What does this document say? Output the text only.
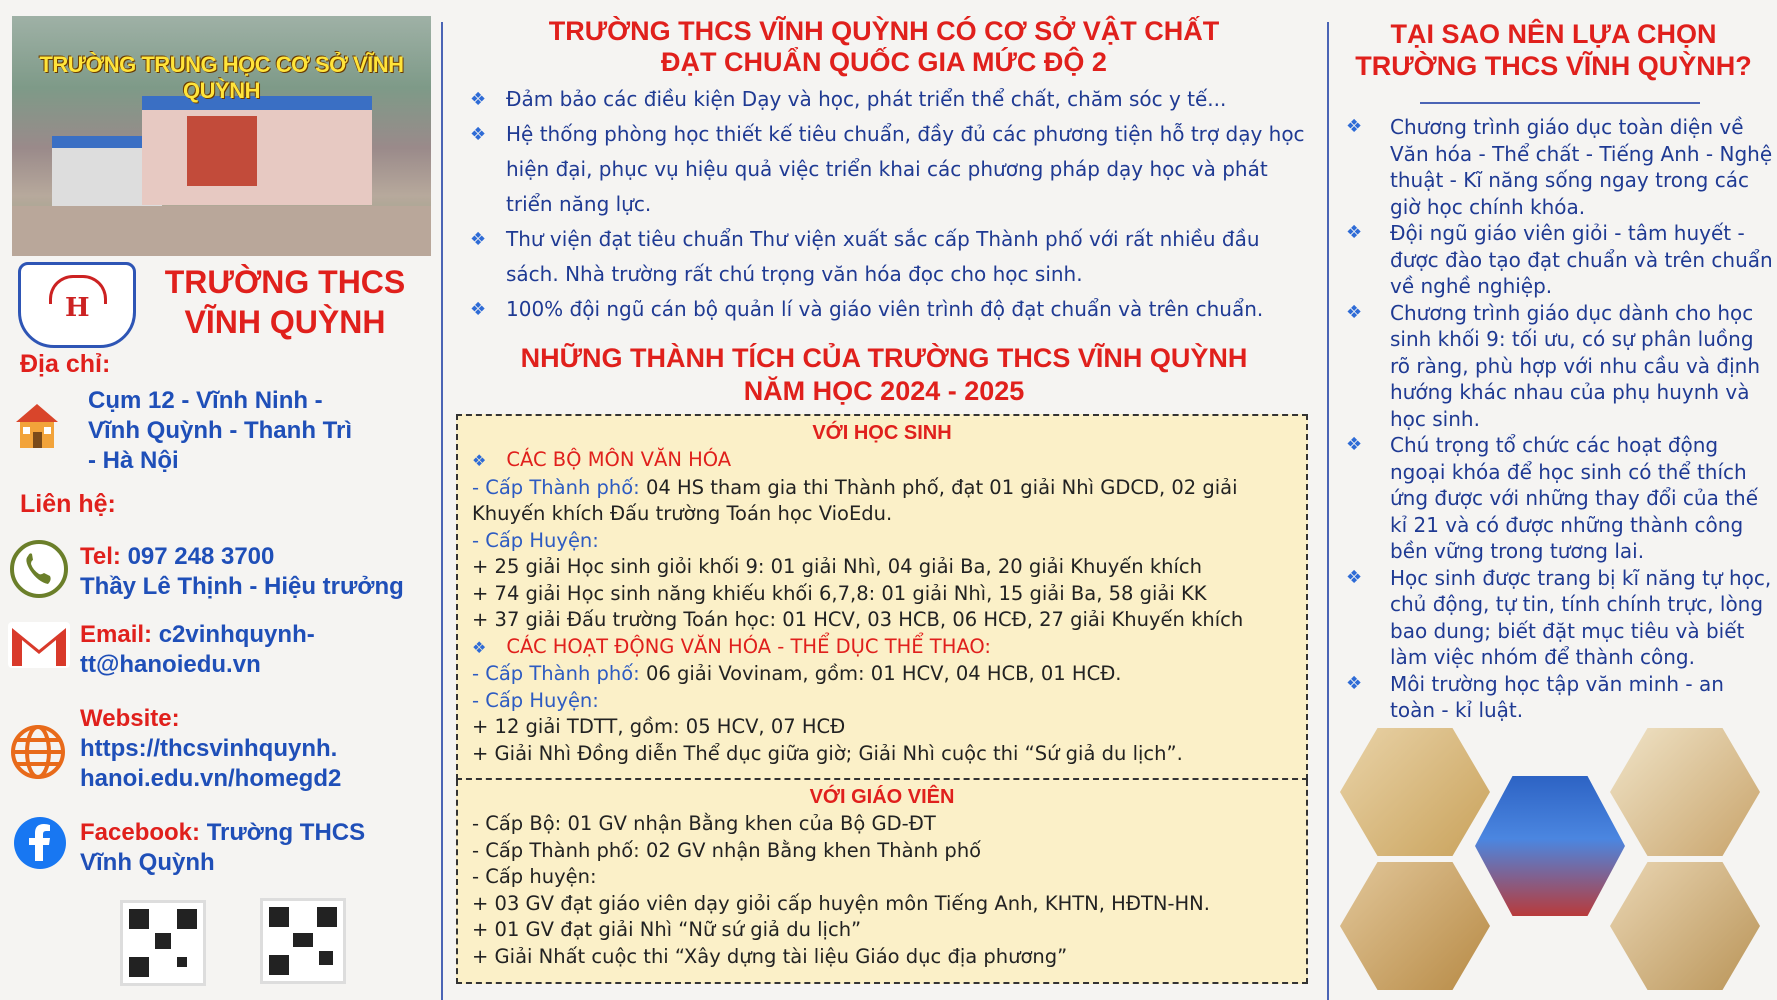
TRƯỜNG TRUNG HỌC CƠ SỞ VĨNH QUỲNH
H
TRƯỜNG THCS
VĨNH QUỲNH
Địa chỉ:
Cụm 12 - Vĩnh Ninh -
Vĩnh Quỳnh - Thanh Trì
- Hà Nội
Liên hệ:
Tel: 097 248 3700
Thầy Lê Thịnh - Hiệu trưởng
Email: c2vinhquynh-
tt@hanoiedu.vn
Website:
https://thcsvinhquynh.
hanoi.edu.vn/homegd2
Facebook: Trường THCS
Vĩnh Quỳnh
TRƯỜNG THCS VĨNH QUỲNH CÓ CƠ SỞ VẬT CHẤT
ĐẠT CHUẨN QUỐC GIA MỨC ĐỘ 2
❖ Đảm bảo các điều kiện Dạy và học, phát triển thể chất, chăm sóc y tế...
❖ Hệ thống phòng học thiết kế tiêu chuẩn, đầy đủ các phương tiện hỗ trợ dạy học hiện đại, phục vụ hiệu quả việc triển khai các phương pháp dạy học và phát triển năng lực.
❖ Thư viện đạt tiêu chuẩn Thư viện xuất sắc cấp Thành phố với rất nhiều đầu sách. Nhà trường rất chú trọng văn hóa đọc cho học sinh.
❖ 100% đội ngũ cán bộ quản lí và giáo viên trình độ đạt chuẩn và trên chuẩn.
NHỮNG THÀNH TÍCH CỦA TRƯỜNG THCS VĨNH QUỲNH
NĂM HỌC 2024 - 2025
VỚI HỌC SINH
❖ CÁC BỘ MÔN VĂN HÓA
- Cấp Thành phố: 04 HS tham gia thi Thành phố, đạt 01 giải Nhì GDCD, 02 giải
Khuyến khích Đấu trường Toán học VioEdu.
- Cấp Huyện:
+ 25 giải Học sinh giỏi khối 9: 01 giải Nhì, 04 giải Ba, 20 giải Khuyến khích
+ 74 giải Học sinh năng khiếu khối 6,7,8: 01 giải Nhì, 15 giải Ba, 58 giải KK
+ 37 giải Đấu trường Toán học: 01 HCV, 03 HCB, 06 HCĐ, 27 giải Khuyến khích
❖ CÁC HOẠT ĐỘNG VĂN HÓA - THỂ DỤC THỂ THAO:
- Cấp Thành phố: 06 giải Vovinam, gồm: 01 HCV, 04 HCB, 01 HCĐ.
- Cấp Huyện:
+ 12 giải TDTT, gồm: 05 HCV, 07 HCĐ
+ Giải Nhì Đồng diễn Thể dục giữa giờ; Giải Nhì cuộc thi “Sứ giả du lịch”.
VỚI GIÁO VIÊN
- Cấp Bộ: 01 GV nhận Bằng khen của Bộ GD-ĐT
- Cấp Thành phố: 02 GV nhận Bằng khen Thành phố
- Cấp huyện:
+ 03 GV đạt giáo viên dạy giỏi cấp huyện môn Tiếng Anh, KHTN, HĐTN-HN.
+ 01 GV đạt giải Nhì “Nữ sứ giả du lịch”
+ Giải Nhất cuộc thi “Xây dựng tài liệu Giáo dục địa phương”
TẠI SAO NÊN LỰA CHỌN
TRƯỜNG THCS VĨNH QUỲNH?
❖ Chương trình giáo dục toàn diện về Văn hóa - Thể chất - Tiếng Anh - Nghệ thuật - Kĩ năng sống ngay trong các giờ học chính khóa.
❖ Đội ngũ giáo viên giỏi - tâm huyết - được đào tạo đạt chuẩn và trên chuẩn về nghề nghiệp.
❖ Chương trình giáo dục dành cho học sinh khối 9: tối ưu, có sự phân luồng rõ ràng, phù hợp với nhu cầu và định hướng khác nhau của phụ huynh và học sinh.
❖ Chú trọng tổ chức các hoạt động ngoại khóa để học sinh có thể thích ứng được với những thay đổi của thế kỉ 21 và có được những thành công bền vững trong tương lai.
❖ Học sinh được trang bị kĩ năng tự học, chủ động, tự tin, tính chính trực, lòng bao dung; biết đặt mục tiêu và biết làm việc nhóm để thành công.
❖ Môi trường học tập văn minh - an toàn - kỉ luật.
